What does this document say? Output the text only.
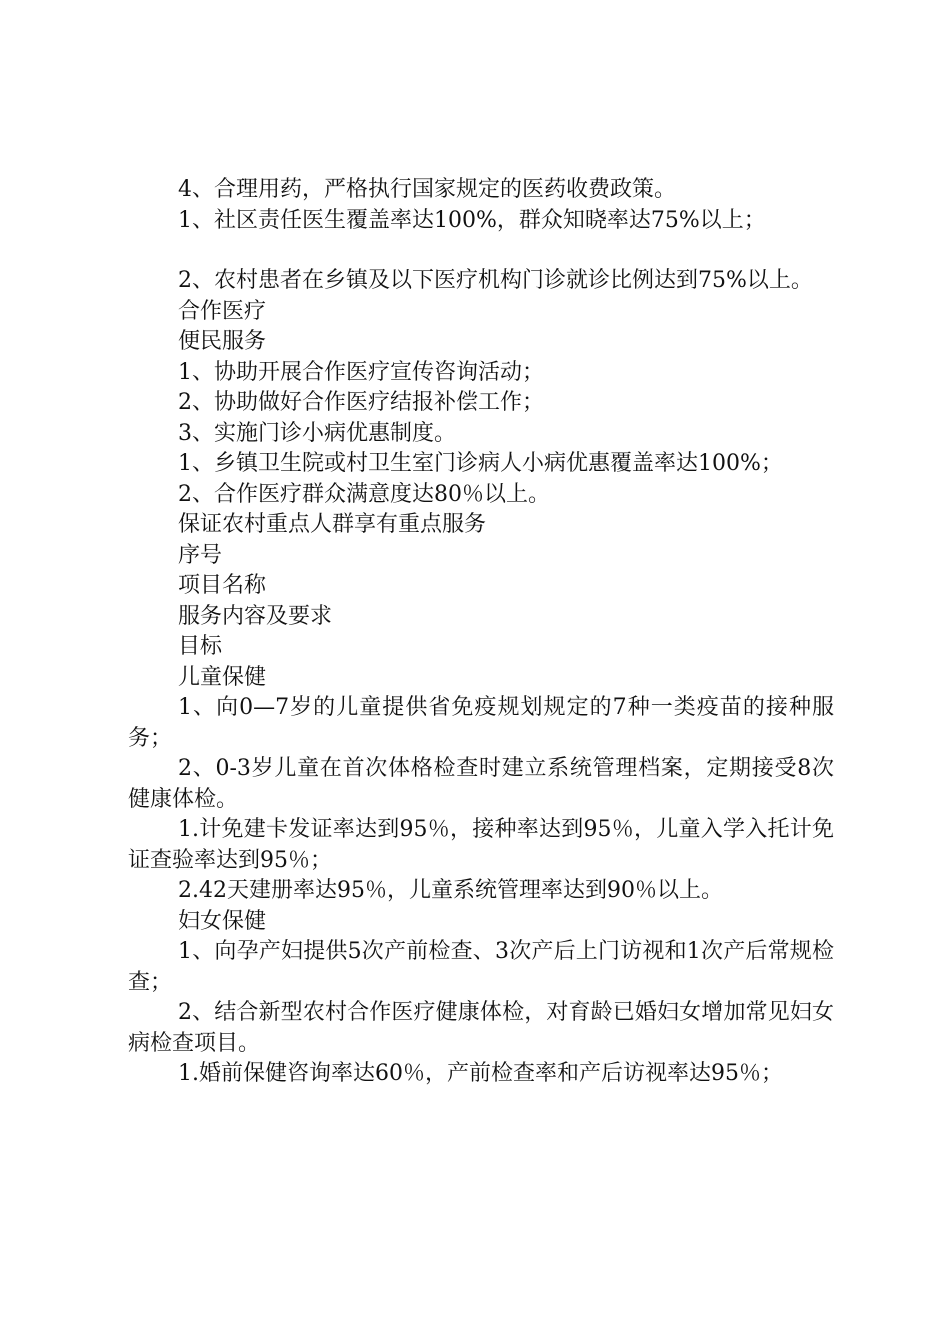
4、合理用药，严格执行国家规定的医药收费政策。

1、社区责任医生覆盖率达100%，群众知晓率达75%以上；

2、农村患者在乡镇及以下医疗机构门诊就诊比例达到75%以上。

合作医疗

便民服务

1、协助开展合作医疗宣传咨询活动；

2、协助做好合作医疗结报补偿工作；

3、实施门诊小病优惠制度。

1、乡镇卫生院或村卫生室门诊病人小病优惠覆盖率达100%；

2、合作医疗群众满意度达80％以上。

保证农村重点人群享有重点服务

序号

项目名称

服务内容及要求

目标

儿童保健

1、向0—7岁的儿童提供省免疫规划规定的7种一类疫苗的接种服务；

2、0-3岁儿童在首次体格检查时建立系统管理档案，定期接受8次健康体检。

1.计免建卡发证率达到95％，接种率达到95％，儿童入学入托计免证查验率达到95％；

2.42天建册率达95％，儿童系统管理率达到90％以上。

妇女保健

1、向孕产妇提供5次产前检查、3次产后上门访视和1次产后常规检查；

2、结合新型农村合作医疗健康体检，对育龄已婚妇女增加常见妇女病检查项目。

1.婚前保健咨询率达60％，产前检查率和产后访视率达95％；
